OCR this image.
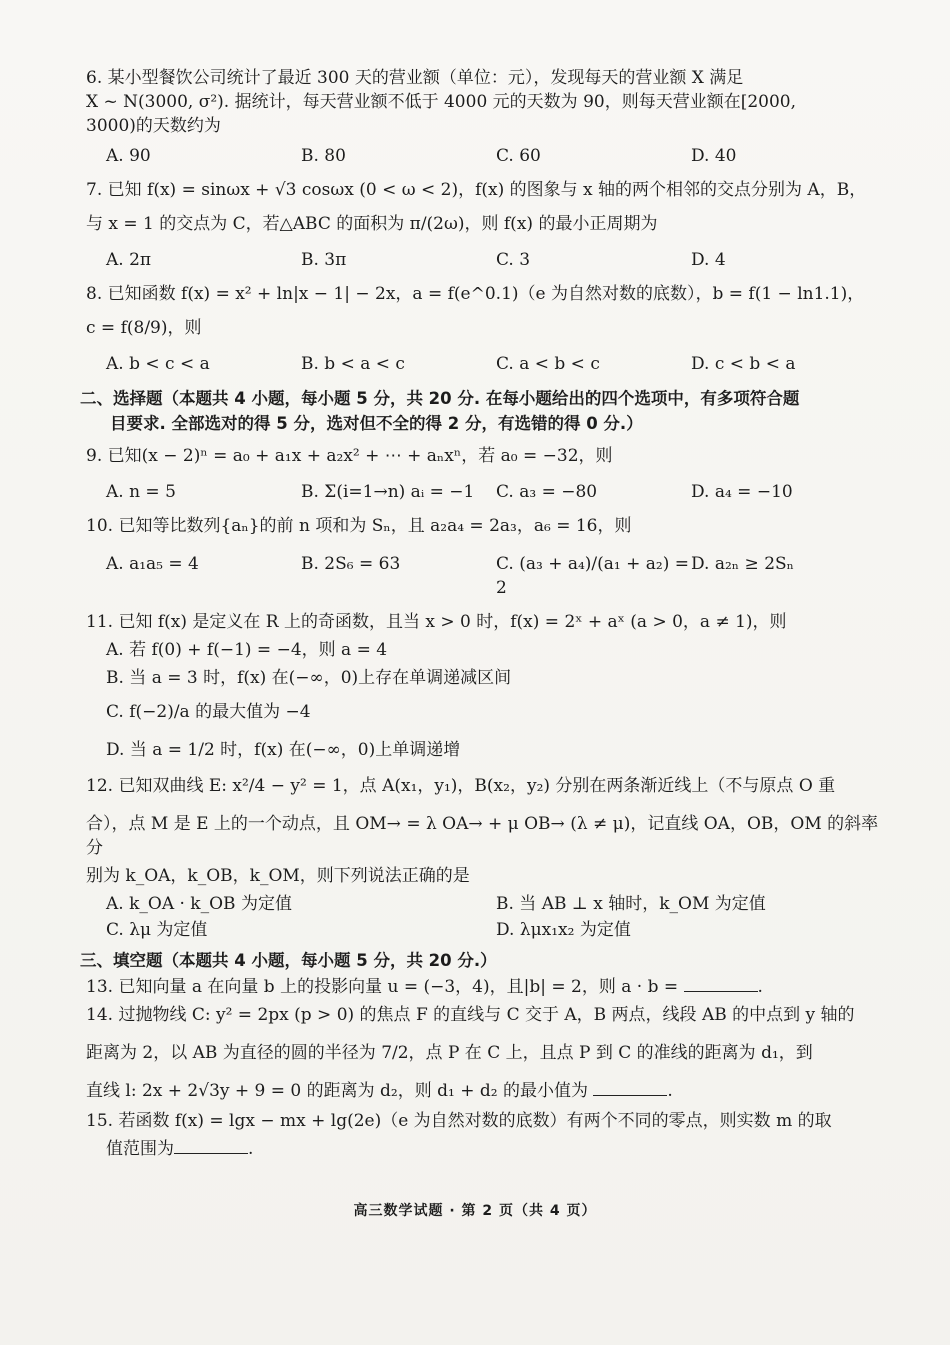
6. 某小型餐饮公司统计了最近 300 天的营业额（单位：元），发现每天的营业额 X 满足

X ~ N(3000, σ²). 据统计，每天营业额不低于 4000 元的天数为 90，则每天营业额在[2000,

3000)的天数约为

A. 90	B. 80	C. 60	D. 40

7. 已知 f(x) = sinωx + √3 cosωx (0 < ω < 2)，f(x) 的图象与 x 轴的两个相邻的交点分别为 A，B，

与 x = 1 的交点为 C，若△ABC 的面积为 π/(2ω)，则 f(x) 的最小正周期为

A. 2π	B. 3π	C. 3	D. 4

8. 已知函数 f(x) = x² + ln|x − 1| − 2x，a = f(e^0.1)（e 为自然对数的底数），b = f(1 − ln1.1)，

c = f(8/9)，则

A. b < c < a	B. b < a < c	C. a < b < c	D. c < b < a
二、选择题（本题共 4 小题，每小题 5 分，共 20 分. 在每小题给出的四个选项中，有多项符合题
目要求. 全部选对的得 5 分，选对但不全的得 2 分，有选错的得 0 分.）

9. 已知(x − 2)ⁿ = a₀ + a₁x + a₂x² + ⋯ + aₙxⁿ，若 a₀ = −32，则

A. n = 5	B. Σ(i=1→n) aᵢ = −1	C. a₃ = −80	D. a₄ = −10

10. 已知等比数列{aₙ}的前 n 项和为 Sₙ，且 a₂a₄ = 2a₃，a₆ = 16，则

A. a₁a₅ = 4	B. 2S₆ = 63	C. (a₃ + a₄)/(a₁ + a₂) = 2
D. a₂ₙ ≥ 2Sₙ

11. 已知 f(x) 是定义在 R 上的奇函数，且当 x > 0 时，f(x) = 2ˣ + aˣ (a > 0，a ≠ 1)，则

A. 若 f(0) + f(−1) = −4，则 a = 4
B. 当 a = 3 时，f(x) 在(−∞，0)上存在单调递减区间
C. f(−2)/a 的最大值为 −4
D. 当 a = 1/2 时，f(x) 在(−∞，0)上单调递增

12. 已知双曲线 E: x²/4 − y² = 1，点 A(x₁，y₁)，B(x₂，y₂) 分别在两条渐近线上（不与原点 O 重

合），点 M 是 E 上的一个动点，且 OM→ = λ OA→ + μ OB→ (λ ≠ μ)，记直线 OA，OB，OM 的斜率分

别为 k_OA，k_OB，k_OM，则下列说法正确的是

A. k_OA · k_OB 为定值	B. 当 AB ⊥ x 轴时，k_OM 为定值
C. λμ 为定值	D. λμx₁x₂ 为定值
三、填空题（本题共 4 小题，每小题 5 分，共 20 分.）

13. 已知向量 a 在向量 b 上的投影向量 u = (−3，4)，且|b| = 2，则 a · b =	.

14. 过抛物线 C: y² = 2px (p > 0) 的焦点 F 的直线与 C 交于 A，B 两点，线段 AB 的中点到 y 轴的

距离为 2，以 AB 为直径的圆的半径为 7/2，点 P 在 C 上，且点 P 到 C 的准线的距离为 d₁，到

直线 l: 2x + 2√3y + 9 = 0 的距离为 d₂，则 d₁ + d₂ 的最小值为	.

15. 若函数 f(x) = lgx − mx + lg(2e)（e 为自然对数的底数）有两个不同的零点，则实数 m 的取

值范围为	.

高三数学试题 · 第 2 页（共 4 页）
